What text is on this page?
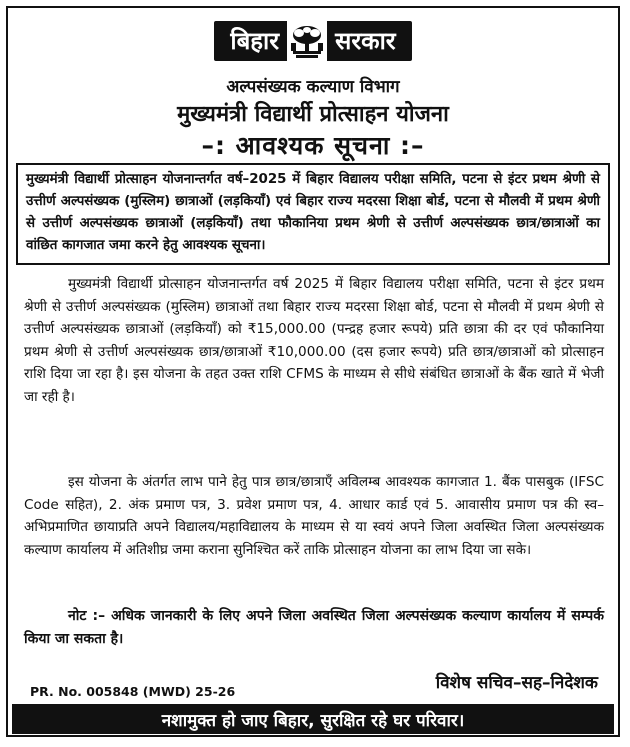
बिहार	सरकार
अल्पसंख्यक कल्याण विभाग
मुख्यमंत्री विद्यार्थी प्रोत्साहन योजना
–: आवश्यक सूचना :–
मुख्यमंत्री विद्यार्थी प्रोत्साहन योजनान्तर्गत वर्ष–2025 में बिहार विद्यालय परीक्षा समिति, पटना से इंटर प्रथम श्रेणी से उत्तीर्ण अल्पसंख्यक (मुस्लिम) छात्राओं (लड़कियाँ) एवं बिहार राज्य मदरसा शिक्षा बोर्ड, पटना से मौलवी में प्रथम श्रेणी से उत्तीर्ण अल्पसंख्यक छात्राओं (लड़कियाँ) तथा फौकानिया प्रथम श्रेणी से उत्तीर्ण अल्पसंख्यक छात्र/छात्राओं का वांछित कागजात जमा करने हेतु आवश्यक सूचना।
मुख्यमंत्री विद्यार्थी प्रोत्साहन योजनान्तर्गत वर्ष 2025 में बिहार विद्यालय परीक्षा समिति, पटना से इंटर प्रथम श्रेणी से उत्तीर्ण अल्पसंख्यक (मुस्लिम) छात्राओं तथा बिहार राज्य मदरसा शिक्षा बोर्ड, पटना से मौलवी में प्रथम श्रेणी से उत्तीर्ण अल्पसंख्यक छात्राओं (लड़कियाँ) को ₹15,000.00 (पन्द्रह हजार रूपये) प्रति छात्रा की दर एवं फौकानिया प्रथम श्रेणी से उत्तीर्ण अल्पसंख्यक छात्र/छात्राओं ₹10,000.00 (दस हजार रूपये) प्रति छात्र/छात्राओं को प्रोत्साहन राशि दिया जा रहा है। इस योजना के तहत उक्त राशि CFMS के माध्यम से सीधे संबंधित छात्राओं के बैंक खाते में भेजी जा रही है।
इस योजना के अंतर्गत लाभ पाने हेतु पात्र छात्र/छात्राएँ अविलम्ब आवश्यक कागजात 1. बैंक पासबुक (IFSC Code सहित), 2. अंक प्रमाण पत्र, 3. प्रवेश प्रमाण पत्र, 4. आधार कार्ड एवं 5. आवासीय प्रमाण पत्र की स्व–अभिप्रमाणित छायाप्रति अपने विद्यालय/महाविद्यालय के माध्यम से या स्वयं अपने जिला अवस्थित जिला अल्पसंख्यक कल्याण कार्यालय में अतिशीघ्र जमा कराना सुनिश्चित करें ताकि प्रोत्साहन योजना का लाभ दिया जा सके।
नोट :– अधिक जानकारी के लिए अपने जिला अवस्थित जिला अल्पसंख्यक कल्याण कार्यालय में सम्पर्क किया जा सकता है।
PR. No. 005848 (MWD) 25-26	विशेष सचिव–सह–निदेशक
नशामुक्त हो जाए बिहार, सुरक्षित रहे घर परिवार।
